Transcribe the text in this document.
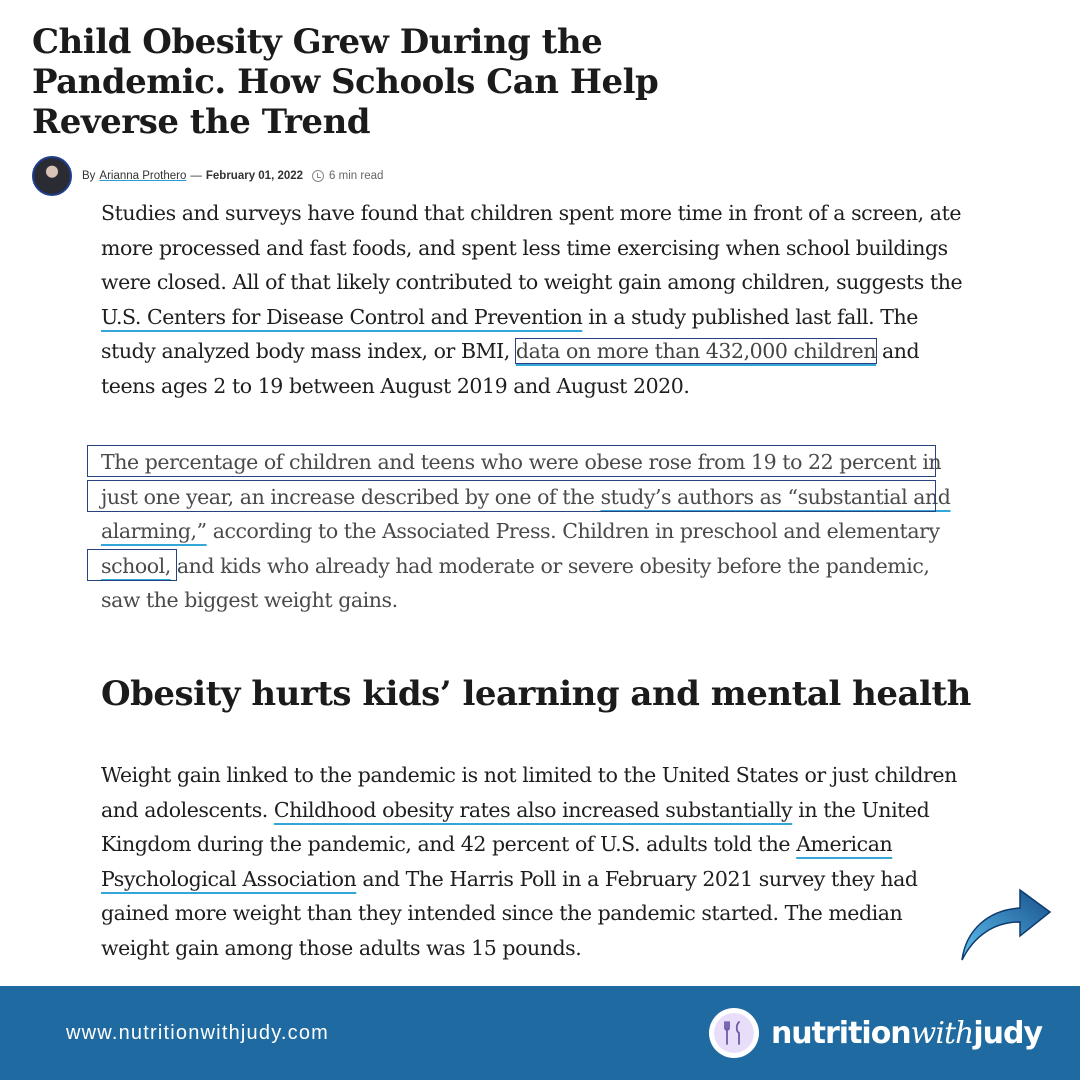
Child Obesity Grew During the Pandemic. How Schools Can Help Reverse the Trend
By Arianna Prothero — February 01, 2022 6 min read

Studies and surveys have found that children spent more time in front of a screen, ate more processed and fast foods, and spent less time exercising when school buildings were closed. All of that likely contributed to weight gain among children, suggests the U.S. Centers for Disease Control and Prevention in a study published last fall. The study analyzed body mass index, or BMI, data on more than 432,000 children and teens ages 2 to 19 between August 2019 and August 2020.

The percentage of children and teens who were obese rose from 19 to 22 percent in just one year, an increase described by one of the study’s authors as “substantial and alarming,” according to the Associated Press. Children in preschool and elementary school, and kids who already had moderate or severe obesity before the pandemic, saw the biggest weight gains.

Obesity hurts kids’ learning and mental health

Weight gain linked to the pandemic is not limited to the United States or just children and adolescents. Childhood obesity rates also increased substantially in the United Kingdom during the pandemic, and 42 percent of U.S. adults told the American Psychological Association and The Harris Poll in a February 2021 survey they had gained more weight than they intended since the pandemic started. The median weight gain among those adults was 15 pounds.

www.nutritionwithjudy.com	nutritionwithjudy
